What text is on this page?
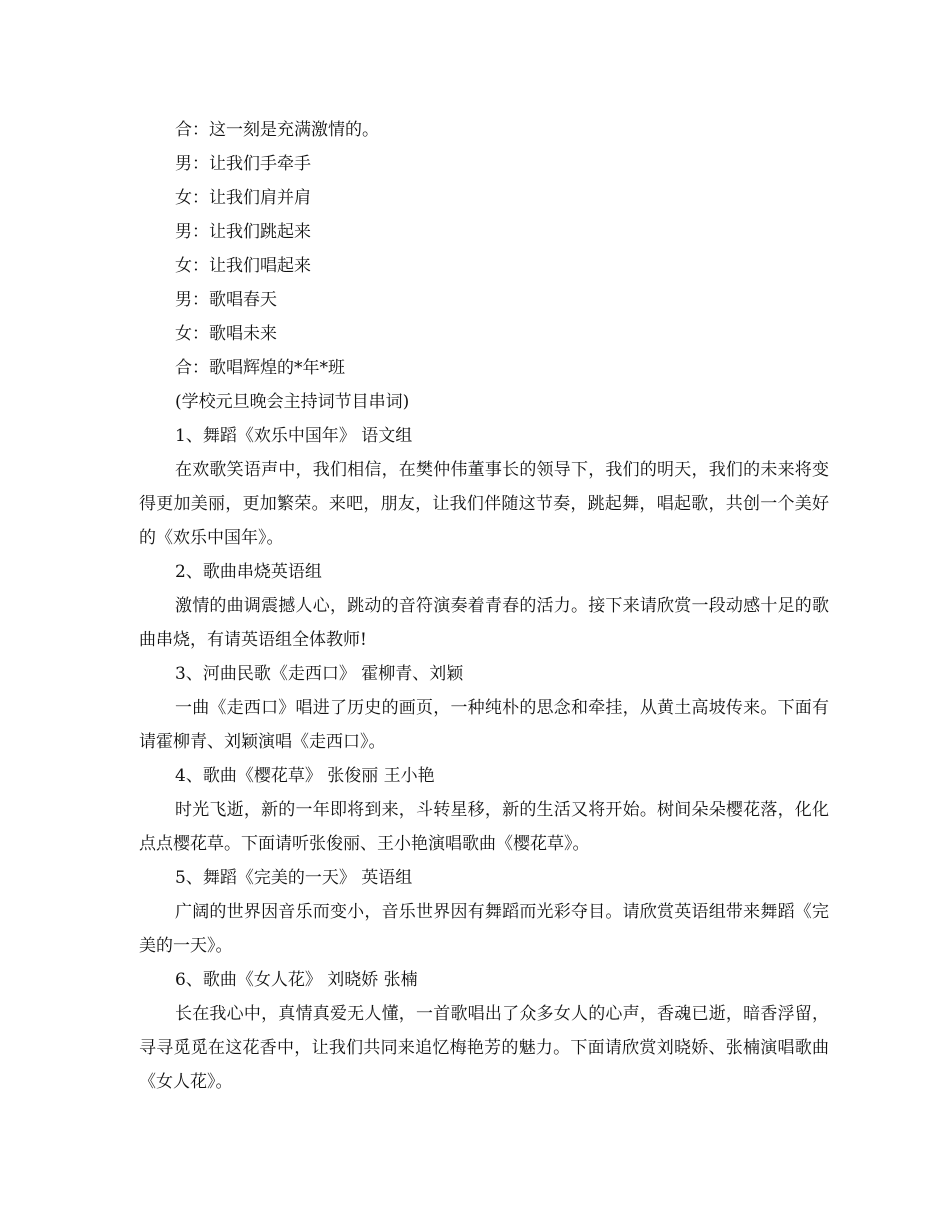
合：这一刻是充满激情的。
男：让我们手牵手
女：让我们肩并肩
男：让我们跳起来
女：让我们唱起来
男：歌唱春天
女：歌唱未来
合：歌唱辉煌的*年*班
(学校元旦晚会主持词节目串词)
1、舞蹈《欢乐中国年》 语文组

在欢歌笑语声中，我们相信，在樊仲伟董事长的领导下，我们的明天，我们的未来将变得更加美丽，更加繁荣。来吧，朋友，让我们伴随这节奏，跳起舞，唱起歌，共创一个美好的《欢乐中国年》。

2、歌曲串烧英语组

激情的曲调震撼人心，跳动的音符演奏着青春的活力。接下来请欣赏一段动感十足的歌曲串烧，有请英语组全体教师!

3、河曲民歌《走西口》 霍柳青、刘颖

一曲《走西口》唱进了历史的画页，一种纯朴的思念和牵挂，从黄土高坡传来。下面有请霍柳青、刘颖演唱《走西口》。

4、歌曲《樱花草》 张俊丽 王小艳

时光飞逝，新的一年即将到来，斗转星移，新的生活又将开始。树间朵朵樱花落，化化点点樱花草。下面请听张俊丽、王小艳演唱歌曲《樱花草》。

5、舞蹈《完美的一天》 英语组

广阔的世界因音乐而变小，音乐世界因有舞蹈而光彩夺目。请欣赏英语组带来舞蹈《完美的一天》。

6、歌曲《女人花》 刘晓娇 张楠

长在我心中，真情真爱无人懂，一首歌唱出了众多女人的心声，香魂已逝，暗香浮留，寻寻觅觅在这花香中，让我们共同来追忆梅艳芳的魅力。下面请欣赏刘晓娇、张楠演唱歌曲《女人花》。
